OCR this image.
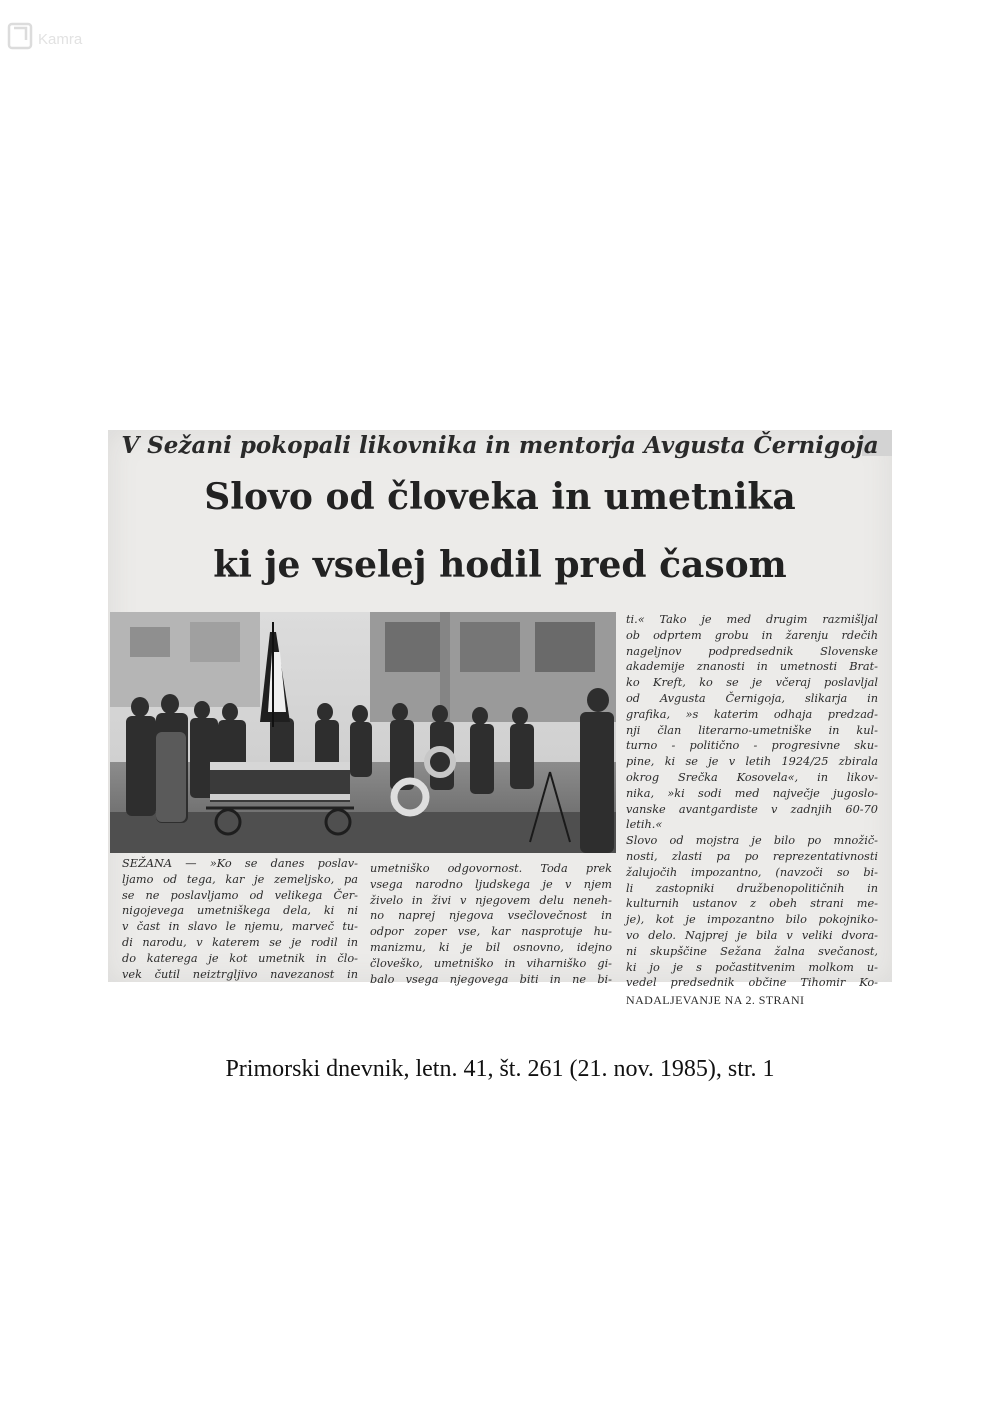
Kamra
V Sežani pokopali likovnika in mentorja Avgusta Černigoja
Slovo od človeka in umetnika
ki je vselej hodil pred časom
SEŽANA — »Ko se danes poslav-
ljamo od tega, kar je zemeljsko, pa
se ne poslavljamo od velikega Čer-
nigojevega umetniškega dela, ki ni
v čast in slavo le njemu, marveč tu-
di narodu, v katerem se je rodil in
do katerega je kot umetnik in člo-
vek čutil neiztrgljivo navezanost in
umetniško odgovornost. Toda prek
vsega narodno ljudskega je v njem
živelo in živi v njegovem delu neneh-
no naprej njegova vsečlovečnost in
odpor zoper vse, kar nasprotuje hu-
manizmu, ki je bil osnovno, idejno
človeško, umetniško in viharniško gi-
balo vsega njegovega biti in ne bi-
ti.« Tako je med drugim razmišljal
ob odprtem grobu in žarenju rdečih
nageljnov podpredsednik Slovenske
akademije znanosti in umetnosti Brat-
ko Kreft, ko se je včeraj poslavljal
od Avgusta Černigoja, slikarja in
grafika, »s katerim odhaja predzad-
nji član literarno-umetniške in kul-
turno - politično - progresivne sku-
pine, ki se je v letih 1924/25 zbirala
okrog Srečka Kosovela«, in likov-
nika, »ki sodi med največje jugoslo-
vanske avantgardiste v zadnjih 60-70
letih.«
Slovo od mojstra je bilo po množič-
nosti, zlasti pa po reprezentativnosti
žalujočih impozantno, (navzoči so bi-
li zastopniki družbenopolitičnih in
kulturnih ustanov z obeh strani me-
je), kot je impozantno bilo pokojniko-
vo delo. Najprej je bila v veliki dvora-
ni skupščine Sežana žalna svečanost,
ki jo je s počastitvenim molkom u-
vedel predsednik občine Tihomir Ko-
NADALJEVANJE NA 2. STRANI
Primorski dnevnik, letn. 41, št. 261 (21. nov. 1985), str. 1
